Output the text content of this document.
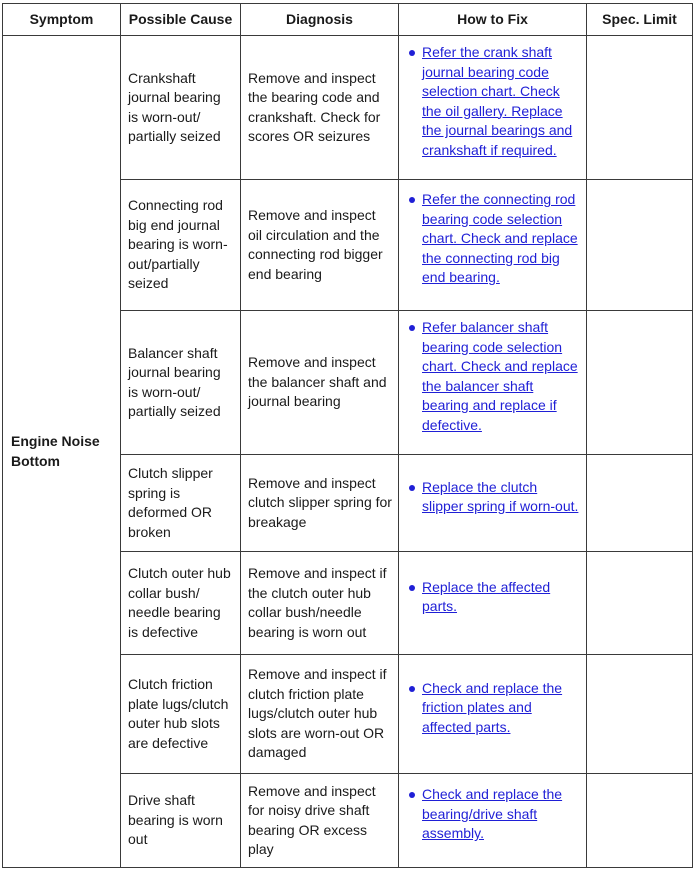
Symptom	Possible Cause	Diagnosis	How to Fix	Spec. Limit
Engine Noise Bottom	Crankshaft journal bearing is worn-out/ partially seized	Remove and inspect the bearing code and crankshaft. Check for scores OR seizures	Refer the crank shaft journal bearing code selection chart. Check the oil gallery. Replace the journal bearings and crankshaft if required.	

	Connecting rod big end journal bearing is worn-out/partially seized	Remove and inspect oil circulation and the connecting rod bigger end bearing	Refer the connecting rod bearing code selection chart. Check and replace the connecting rod big end bearing.	

	Balancer shaft journal bearing is worn-out/ partially seized	Remove and inspect the balancer shaft and journal bearing	Refer balancer shaft bearing code selection chart. Check and replace the balancer shaft bearing and replace if defective.	

	Clutch slipper spring is deformed OR broken	Remove and inspect clutch slipper spring for breakage	Replace the clutch slipper spring if worn-out.	

	Clutch outer hub collar bush/ needle bearing is defective	Remove and inspect if the clutch outer hub collar bush/needle bearing is worn out	Replace the affected parts.	

	Clutch friction plate lugs/clutch outer hub slots are defective	Remove and inspect if clutch friction plate lugs/clutch outer hub slots are worn-out OR damaged	Check and replace the friction plates and affected parts.	

	Drive shaft bearing is worn out	Remove and inspect for noisy drive shaft bearing OR excess play	Check and replace the bearing/drive shaft assembly.	
